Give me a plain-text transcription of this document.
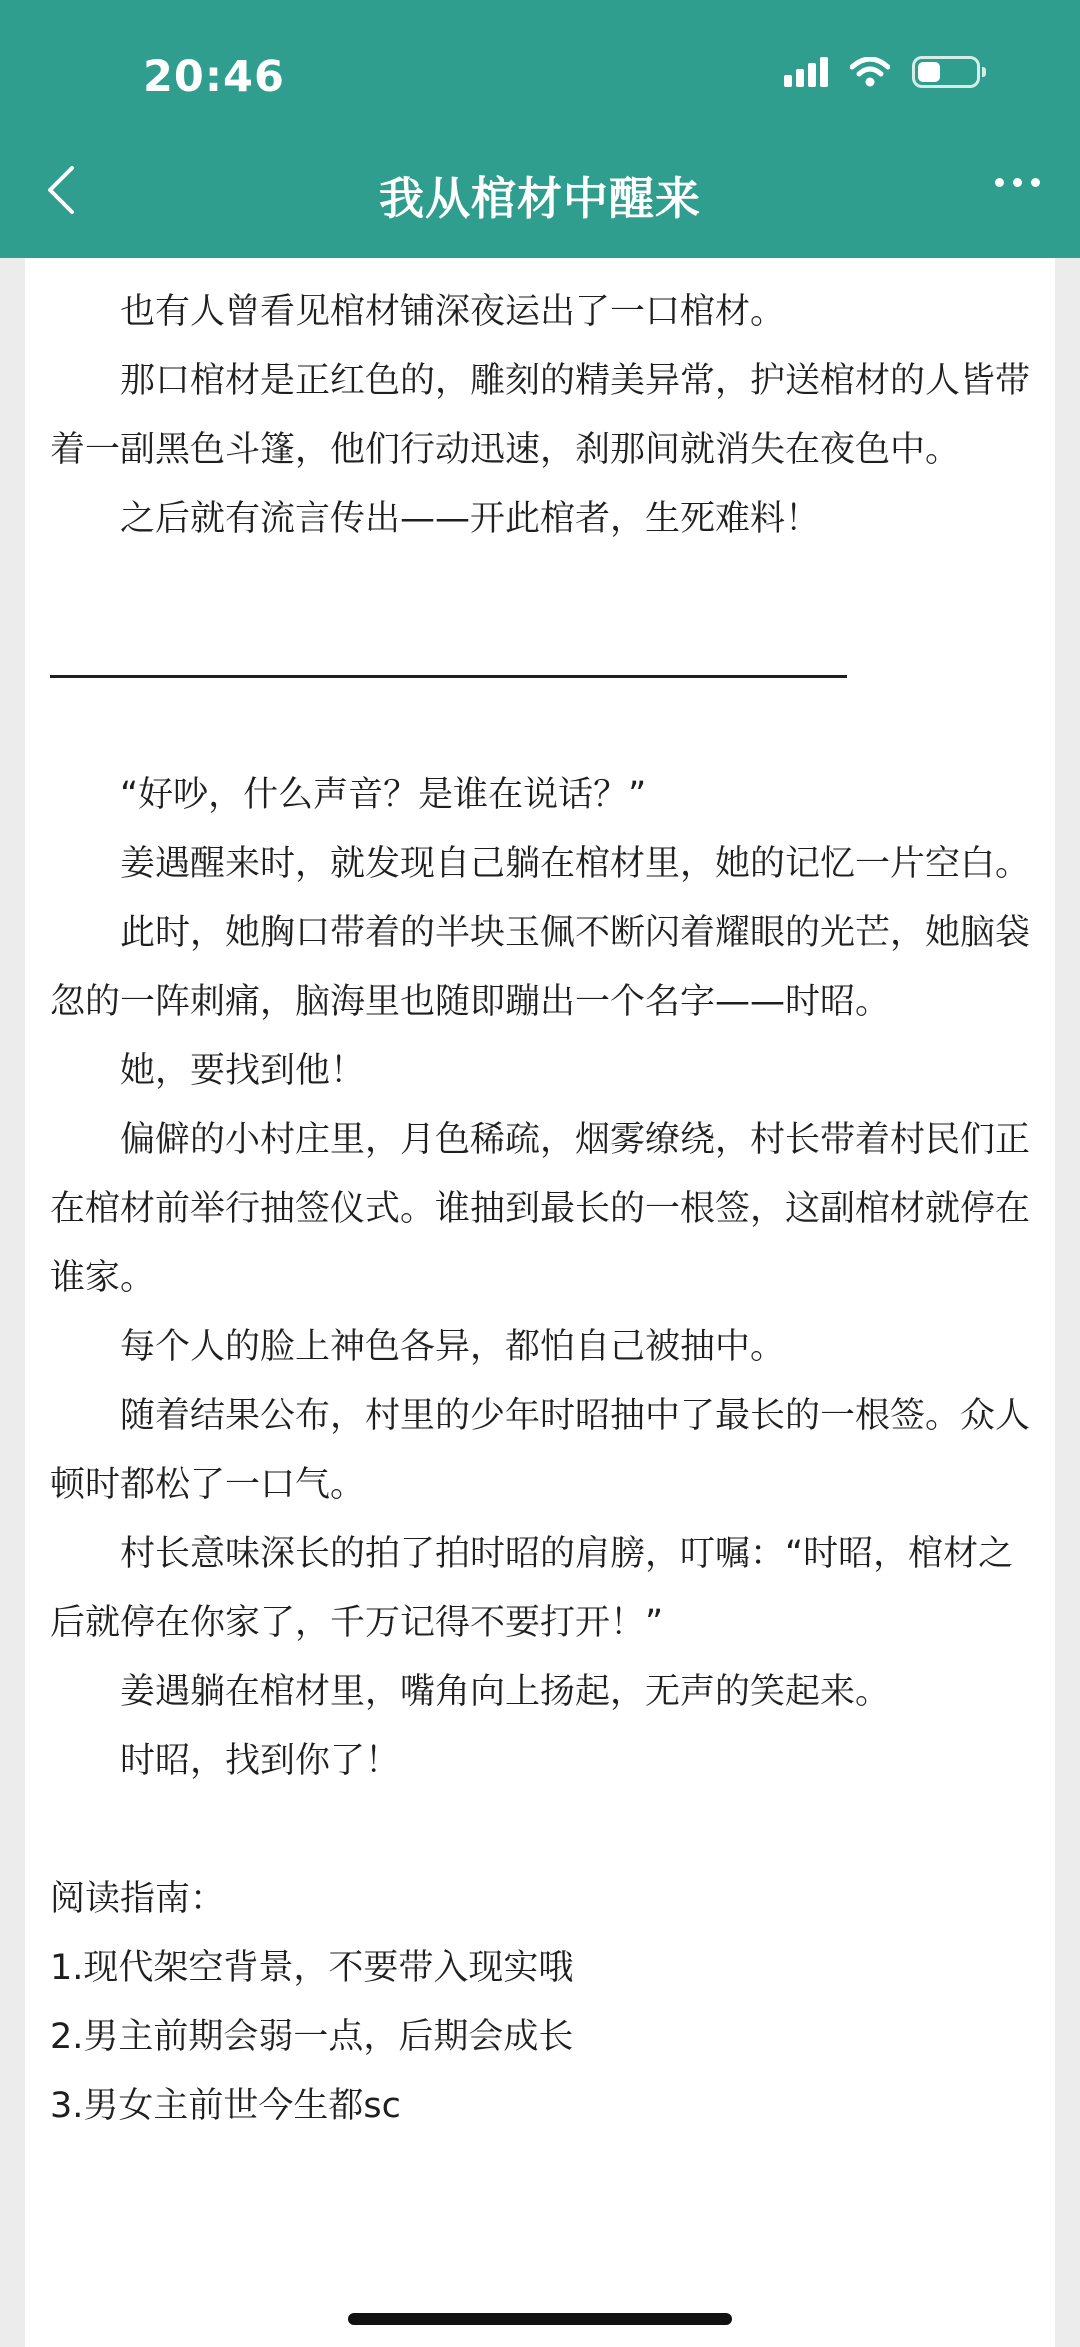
20:46
我从棺材中醒来

也有人曾看见棺材铺深夜运出了一口棺材。

那口棺材是正红色的，雕刻的精美异常，护送棺材的人皆带着一副黑色斗篷，他们行动迅速，刹那间就消失在夜色中。

之后就有流言传出——开此棺者，生死难料！

“好吵，什么声音？是谁在说话？”

姜遇醒来时，就发现自己躺在棺材里，她的记忆一片空白。

此时，她胸口带着的半块玉佩不断闪着耀眼的光芒，她脑袋忽的一阵刺痛，脑海里也随即蹦出一个名字——时昭。

她，要找到他！

偏僻的小村庄里，月色稀疏，烟雾缭绕，村长带着村民们正在棺材前举行抽签仪式。谁抽到最长的一根签，这副棺材就停在谁家。

每个人的脸上神色各异，都怕自己被抽中。

随着结果公布，村里的少年时昭抽中了最长的一根签。众人顿时都松了一口气。

村长意味深长的拍了拍时昭的肩膀，叮嘱：“时昭，棺材之后就停在你家了，千万记得不要打开！”

姜遇躺在棺材里，嘴角向上扬起，无声的笑起来。

时昭，找到你了！

阅读指南：

1.现代架空背景，不要带入现实哦

2.男主前期会弱一点，后期会成长

3.男女主前世今生都sc
